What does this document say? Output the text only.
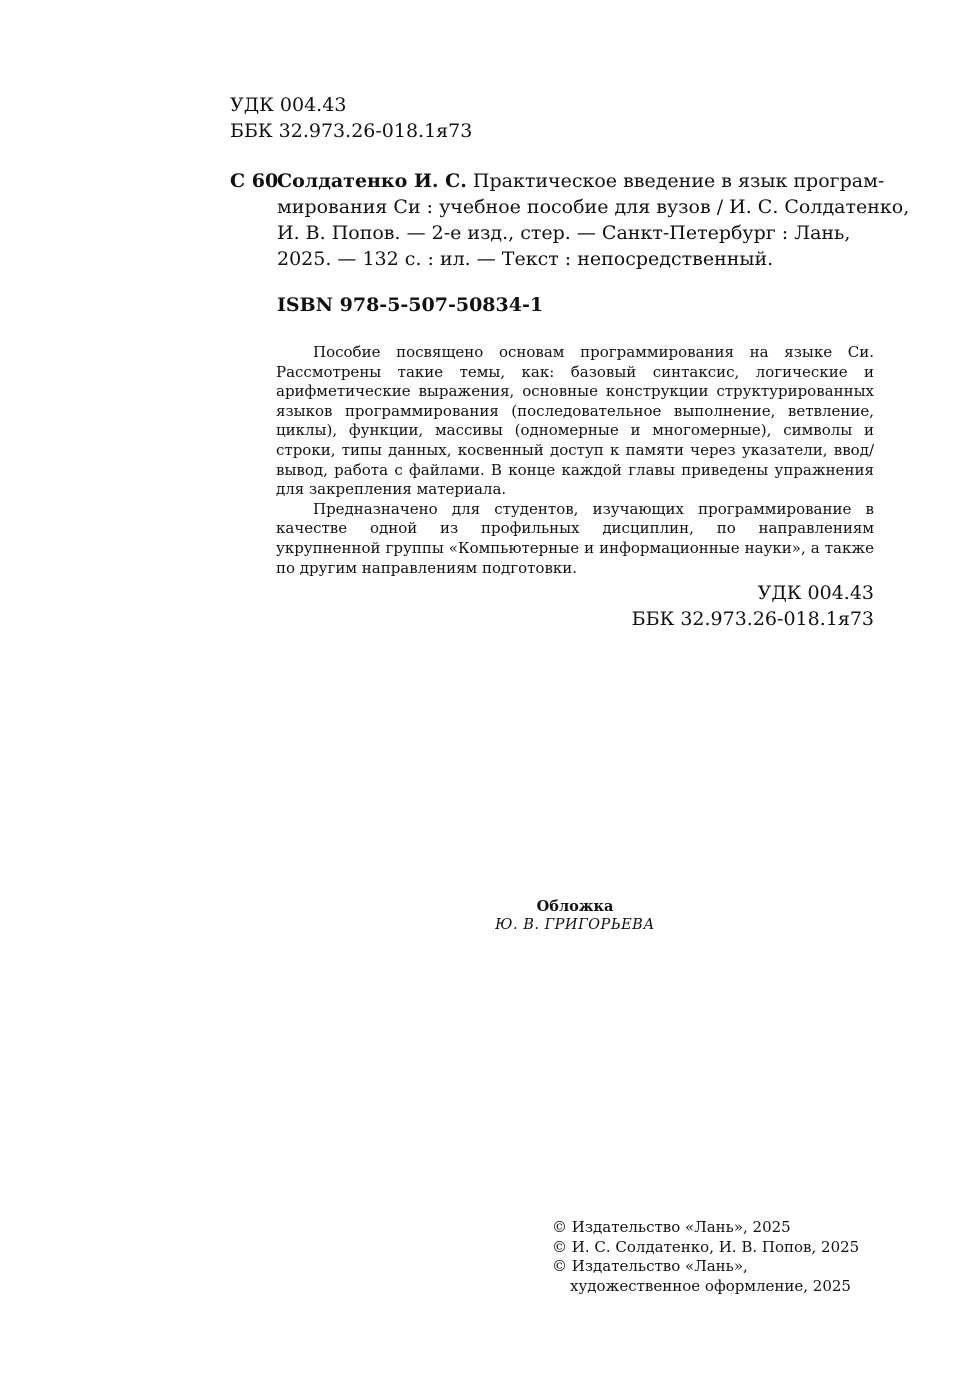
УДК 004.43
ББК 32.973.26-018.1я73
С 60
Солдатенко И. С. Практическое введение в язык програм-
мирования Си : учебное пособие для вузов / И. С. Солдатенко,
И. В. Попов. — 2-е изд., стер. — Санкт-Петербург : Лань,
2025. — 132 с. : ил. — Текст : непосредственный.
ISBN 978-5-507-50834-1

Пособие посвящено основам программирования на языке Си. Рассмотрены такие темы, как: базовый синтаксис, логические и арифметические выражения, основные конструкции структурированных языков программирования (последовательное выполнение, ветвление, циклы), функции, массивы (одномерные и многомерные), символы и строки, типы данных, косвенный доступ к памяти через указатели, ввод/вывод, работа с файлами. В конце каждой главы приведены упражнения для закрепления материала.

Предназначено для студентов, изучающих программирование в качестве одной из профильных дисциплин, по направлениям укрупненной группы «Компьютерные и информационные науки», а также по другим направлениям подготовки.

УДК 004.43
ББК 32.973.26-018.1я73
Обложка
Ю. В. ГРИГОРЬЕВА
© Издательство «Лань», 2025
© И. С. Солдатенко, И. В. Попов, 2025
© Издательство «Лань»,
художественное оформление, 2025
